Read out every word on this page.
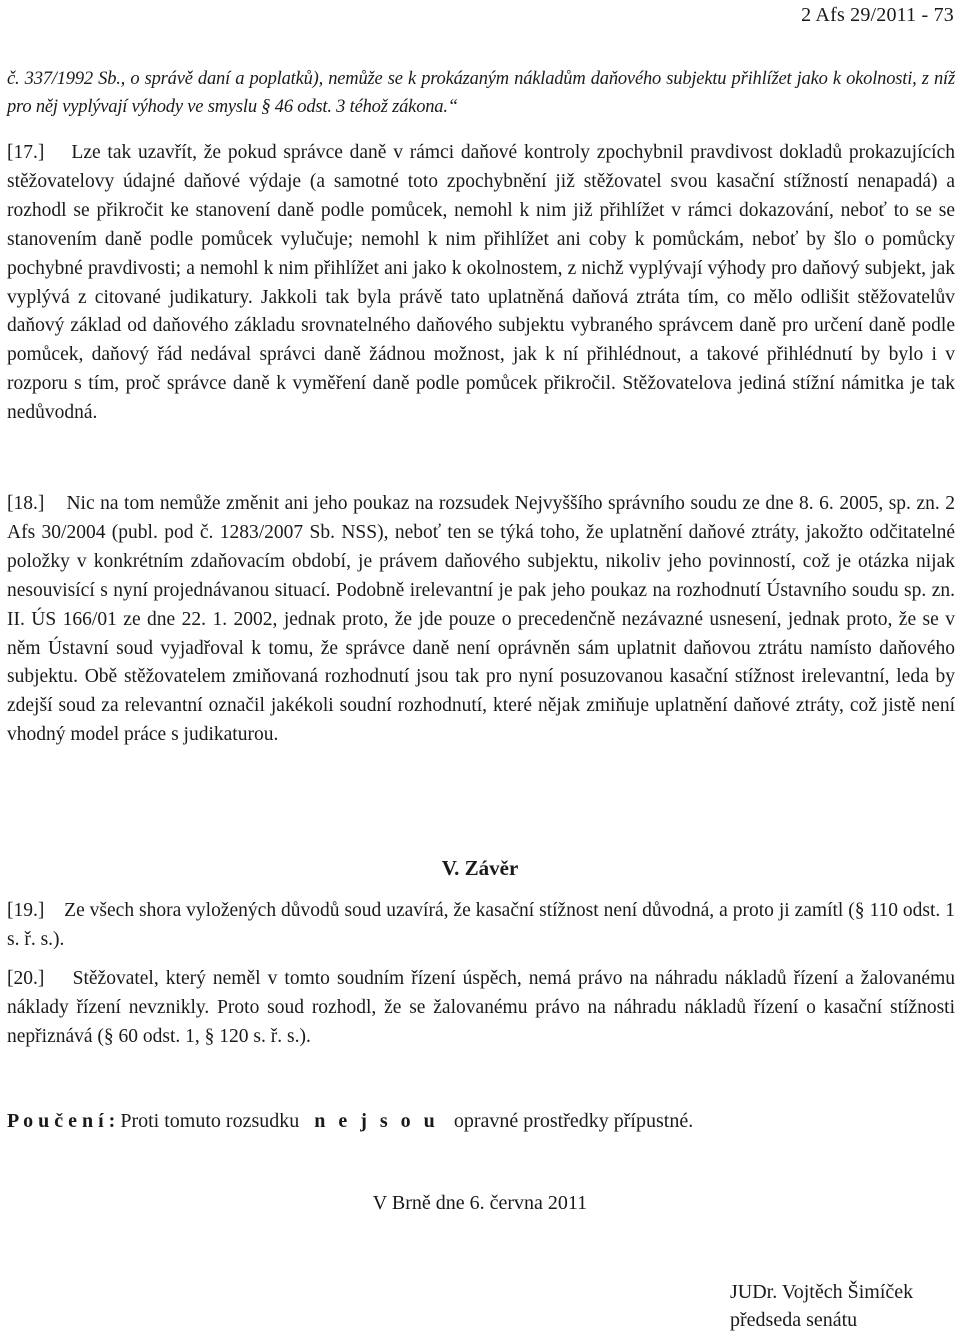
2 Afs 29/2011 - 73

č. 337/1992 Sb., o správě daní a poplatků), nemůže se k prokázaným nákladům daňového subjektu přihlížet jako k okolnosti, z níž pro něj vyplývají výhody ve smyslu § 46 odst. 3 téhož zákona.“

[17.] Lze tak uzavřít, že pokud správce daně v rámci daňové kontroly zpochybnil pravdivost dokladů prokazujících stěžovatelovy údajné daňové výdaje (a samotné toto zpochybnění již stěžovatel svou kasační stížností nenapadá) a rozhodl se přikročit ke stanovení daně podle pomůcek, nemohl k nim již přihlížet v rámci dokazování, neboť to se se stanovením daně podle pomůcek vylučuje; nemohl k nim přihlížet ani coby k pomůckám, neboť by šlo o pomůcky pochybné pravdivosti; a nemohl k nim přihlížet ani jako k okolnostem, z nichž vyplývají výhody pro daňový subjekt, jak vyplývá z citované judikatury. Jakkoli tak byla právě tato uplatněná daňová ztráta tím, co mělo odlišit stěžovatelův daňový základ od daňového základu srovnatelného daňového subjektu vybraného správcem daně pro určení daně podle pomůcek, daňový řád nedával správci daně žádnou možnost, jak k ní přihlédnout, a takové přihlédnutí by bylo i v rozporu s tím, proč správce daně k vyměření daně podle pomůcek přikročil. Stěžovatelova jediná stížní námitka je tak nedůvodná.

[18.] Nic na tom nemůže změnit ani jeho poukaz na rozsudek Nejvyššího správního soudu ze dne 8. 6. 2005, sp. zn. 2 Afs 30/2004 (publ. pod č. 1283/2007 Sb. NSS), neboť ten se týká toho, že uplatnění daňové ztráty, jakožto odčitatelné položky v konkrétním zdaňovacím období, je právem daňového subjektu, nikoliv jeho povinností, což je otázka nijak nesouvisící s nyní projednávanou situací. Podobně irelevantní je pak jeho poukaz na rozhodnutí Ústavního soudu sp. zn. II. ÚS 166/01 ze dne 22. 1. 2002, jednak proto, že jde pouze o precedenčně nezávazné usnesení, jednak proto, že se v něm Ústavní soud vyjadřoval k tomu, že správce daně není oprávněn sám uplatnit daňovou ztrátu namísto daňového subjektu. Obě stěžovatelem zmiňovaná rozhodnutí jsou tak pro nyní posuzovanou kasační stížnost irelevantní, leda by zdejší soud za relevantní označil jakékoli soudní rozhodnutí, které nějak zmiňuje uplatnění daňové ztráty, což jistě není vhodný model práce s judikaturou.

V. Závěr

[19.] Ze všech shora vyložených důvodů soud uzavírá, že kasační stížnost není důvodná, a proto ji zamítl (§ 110 odst. 1 s. ř. s.).

[20.] Stěžovatel, který neměl v tomto soudním řízení úspěch, nemá právo na náhradu nákladů řízení a žalovanému náklady řízení nevznikly. Proto soud rozhodl, že se žalovanému právo na náhradu nákladů řízení o kasační stížnosti nepřiznává (§ 60 odst. 1, § 120 s. ř. s.).

P o u č e n í : Proti tomuto rozsudku n e j s o u opravné prostředky přípustné.
V Brně dne 6. června 2011
JUDr. Vojtěch Šimíček
předseda senátu
